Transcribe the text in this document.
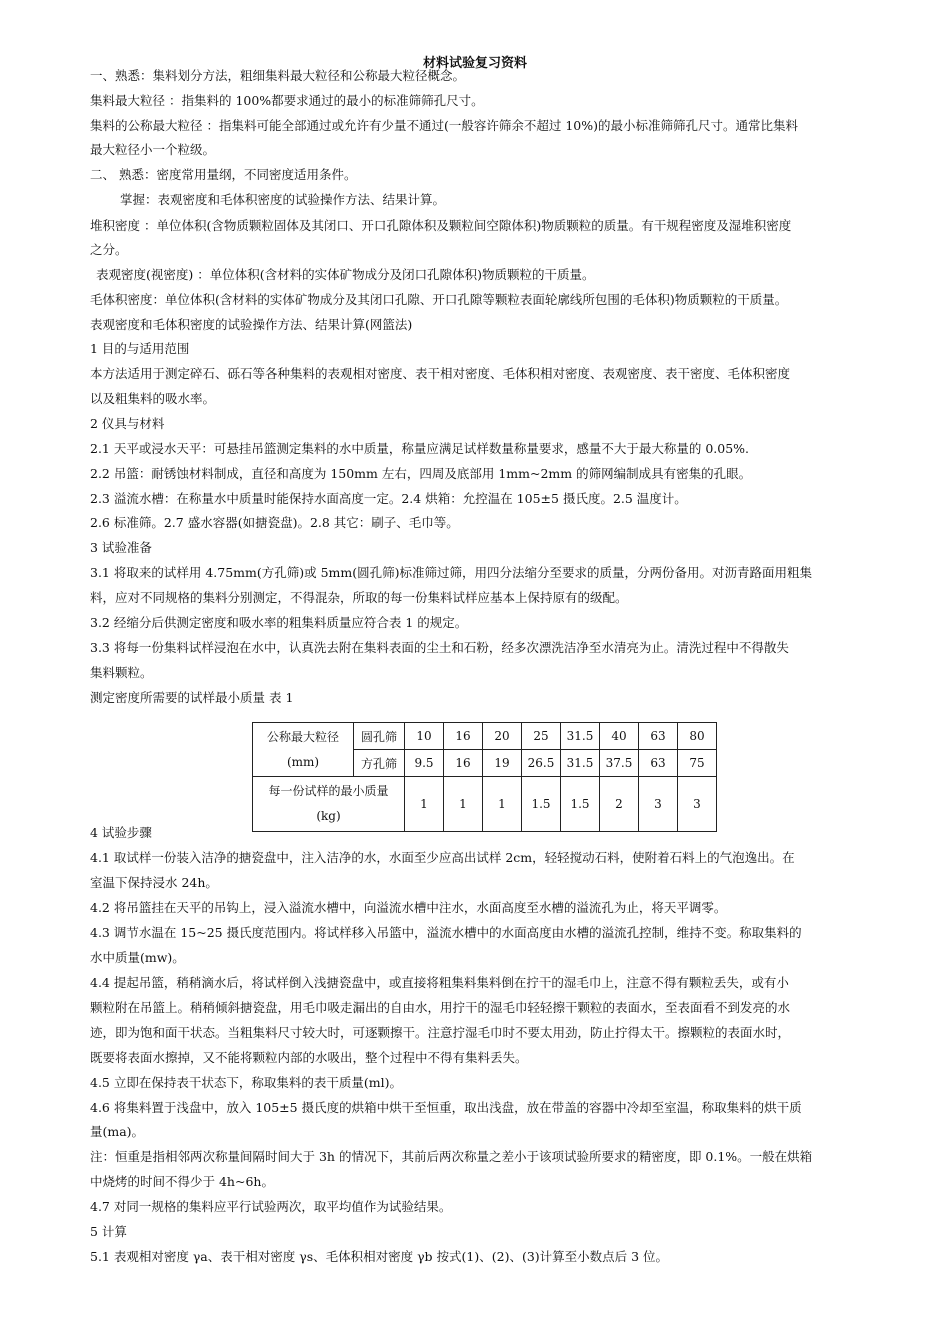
材料试验复习资料
一、熟悉：集料划分方法，粗细集料最大粒径和公称最大粒径概念。
集料最大粒径 ：指集料的 100%都要求通过的最小的标准筛筛孔尺寸。
集料的公称最大粒径 ：指集料可能全部通过或允许有少量不通过(一般容许筛余不超过 10%)的最小标准筛筛孔尺寸。通常比集料
最大粒径小一个粒级。
二、 熟悉：密度常用量纲，不同密度适用条件。
掌握：表观密度和毛体积密度的试验操作方法、结果计算。
堆积密度 ：单位体积(含物质颗粒固体及其闭口、开口孔隙体积及颗粒间空隙体积)物质颗粒的质量。有干规程密度及湿堆积密度
之分。
表观密度(视密度) ：单位体积(含材料的实体矿物成分及闭口孔隙体积)物质颗粒的干质量。
毛体积密度：单位体积(含材料的实体矿物成分及其闭口孔隙、开口孔隙等颗粒表面轮廓线所包围的毛体积)物质颗粒的干质量。
表观密度和毛体积密度的试验操作方法、结果计算(网篮法)
1 目的与适用范围
本方法适用于测定碎石、砾石等各种集料的表观相对密度、表干相对密度、毛体积相对密度、表观密度、表干密度、毛体积密度
以及粗集料的吸水率。
2 仪具与材料
2.1 天平或浸水天平：可悬挂吊篮测定集料的水中质量，称量应满足试样数量称量要求，感量不大于最大称量的 0.05%.
2.2 吊篮：耐锈蚀材料制成，直径和高度为 150mm 左右，四周及底部用 1mm~2mm 的筛网编制成具有密集的孔眼。
2.3 溢流水槽：在称量水中质量时能保持水面高度一定。2.4 烘箱：允控温在 105±5 摄氏度。2.5 温度计。
2.6 标准筛。2.7 盛水容器(如搪瓷盘)。2.8 其它：刷子、毛巾等。
3 试验准备
3.1 将取来的试样用 4.75mm(方孔筛)或 5mm(圆孔筛)标准筛过筛，用四分法缩分至要求的质量，分两份备用。对沥青路面用粗集
料，应对不同规格的集料分别测定，不得混杂，所取的每一份集料试样应基本上保持原有的级配。
3.2 经缩分后供测定密度和吸水率的粗集料质量应符合表 1 的规定。
3.3 将每一份集料试样浸泡在水中，认真洗去附在集料表面的尘土和石粉，经多次漂洗洁净至水清亮为止。清洗过程中不得散失
集料颗粒。
测定密度所需要的试样最小质量 表 1
4 试验步骤
4.1 取试样一份装入洁净的搪瓷盘中，注入洁净的水，水面至少应高出试样 2cm，轻轻搅动石料，使附着石料上的气泡逸出。在
室温下保持浸水 24h。
4.2 将吊篮挂在天平的吊钩上，浸入溢流水槽中，向溢流水槽中注水，水面高度至水槽的溢流孔为止，将天平调零。
4.3 调节水温在 15~25 摄氏度范围内。将试样移入吊篮中，溢流水槽中的水面高度由水槽的溢流孔控制，维持不变。称取集料的
水中质量(mw)。
4.4 提起吊篮，稍稍滴水后，将试样倒入浅搪瓷盘中，或直接将粗集料集料倒在拧干的湿毛巾上，注意不得有颗粒丢失，或有小
颗粒附在吊篮上。稍稍倾斜搪瓷盘，用毛巾吸走漏出的自由水，用拧干的湿毛巾轻轻擦干颗粒的表面水，至表面看不到发亮的水
迹，即为饱和面干状态。当粗集料尺寸较大时，可逐颗擦干。注意拧湿毛巾时不要太用劲，防止拧得太干。擦颗粒的表面水时，
既要将表面水擦掉，又不能将颗粒内部的水吸出，整个过程中不得有集料丢失。
4.5 立即在保持表干状态下，称取集料的表干质量(ml)。
4.6 将集料置于浅盘中，放入 105±5 摄氏度的烘箱中烘干至恒重，取出浅盘，放在带盖的容器中冷却至室温，称取集料的烘干质
量(ma)。
注：恒重是指相邻两次称量间隔时间大于 3h 的情况下，其前后两次称量之差小于该项试验所要求的精密度，即 0.1%。一般在烘箱
中烧烤的时间不得少于 4h~6h。
4.7 对同一规格的集料应平行试验两次，取平均值作为试验结果。
5 计算
5.1 表观相对密度 γa、表干相对密度 γs、毛体积相对密度 γb 按式(1)、(2)、(3)计算至小数点后 3 位。
公称最大粒径
(mm)	圆孔筛	10	16	20	25	31.5	40	63	80
	方孔筛	9.5	16	19	26.5	31.5	37.5	63	75

每一份试样的最小质量
(kg)		1	1	1	1.5	1.5	2	3	3
